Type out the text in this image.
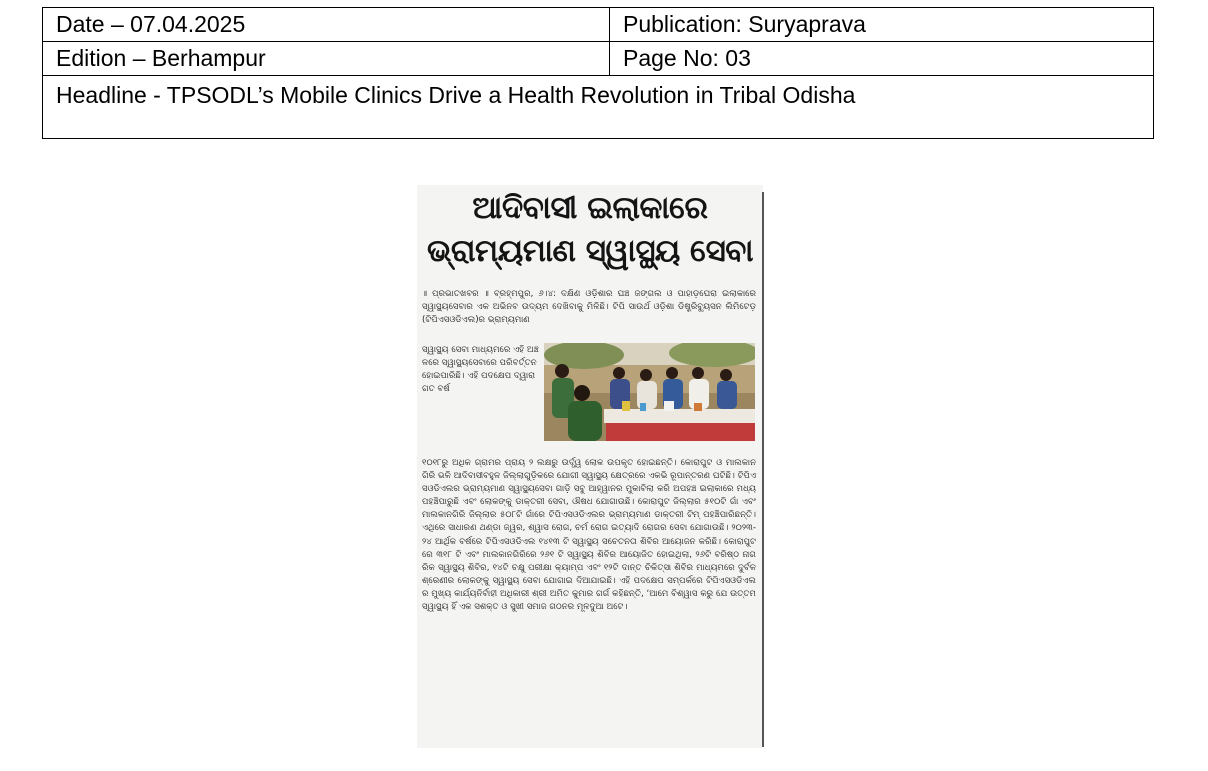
Date – 07.04.2025	Publication: Suryaprava
Edition – Berhampur	Page No: 03
Headline - TPSODL’s Mobile Clinics Drive a Health Revolution in Tribal Odisha	
ଆଦିବାସୀ ଇଲାକାରେ
ଭ୍ରାମ୍ୟମାଣ ସ୍ୱାସ୍ଥ୍ୟ ସେବା
॥ ପ୍ରଭାତଖବର ॥ ବ୍ରହ୍ମପୁର, ୬।୪: ଦକ୍ଷିଣ ଓଡ଼ିଶାର ଘଞ୍ଚ ଜଙ୍ଗଲ ଓ ପାହାଡ଼ଘେରା ଇଲାକାରେ ସ୍ୱାସ୍ଥ୍ୟସେବାର ଏକ ଅଭିନବ ଉଦ୍ୟମ ଦେଖିବାକୁ ମିଳିଛି। ଟିପି ସାଉର୍ଥ ଓଡ଼ିଶା ଡିଷ୍ଟ୍ରିବ୍ୟୁସନ ଲିମିଟେଡ଼ (ଟିପିଏସଓଡିଏଲ)ର ଭ୍ରାମ୍ୟମାଣ
ସ୍ୱାସ୍ଥ୍ୟ ସେବା ମାଧ୍ୟମରେ ଏହି ଅଞ୍ଚଳରେ ସ୍ୱାସ୍ଥ୍ୟସେବାରେ ପରିବର୍ତ୍ତନ ହୋଇପାରିଛି। ଏହି ପଦକ୍ଷେପ ଦ୍ୱାରା ଗତ ବର୍ଷ
୧୦୧୮ରୁ ଅଧିକ ଗ୍ରାମର ପ୍ରାୟ ୨ ଲକ୍ଷରୁ ଉର୍ଦ୍ଧ୍ୱ ଲୋକ ଉପକୃତ ହୋଇଛନ୍ତି। କୋରାପୁଟ ଓ ମାଲକାନଗିରି ଭଳି ଆଦିବାସୀବହୁଳ ଜିଲ୍ଲାଗୁଡ଼ିକରେ ଯୋଗୀ ସ୍ୱାସ୍ଥ୍ୟ କ୍ଷେତ୍ରରେ ଏକଭି ରୂପାନ୍ତରଣ ଘଟିଛି। ଟିପିଏସଓଡିଏଲର ଭ୍ରାମ୍ୟମାଣ ସ୍ୱାସ୍ଥ୍ୟସେବା ଗାଡ଼ି ସବୁ ଆହ୍ୱାନର ମୁକାବିଲା କରି ଅପହଞ୍ଚ ଇଲାକାରେ ମଧ୍ୟ ପହଞ୍ଚିପାରୁଛି ଏବଂ ଲୋକଙ୍କୁ ଡାକ୍ତରୀ ସେବା, ଔଷଧ ଯୋଗାଉଛି। କୋରାପୁଟ ଜିଲ୍ଲାର ୫୧୦ଟି ଗାଁ ଏବଂ ମାଲକାନଗିରି ଜିଲ୍ଲାର ୫୦୮ଟି ଗାଁରେ ଟିପିଏସଓଡିଏଲର ଭ୍ରାମ୍ୟମାଣ ଡାକ୍ତରୀ ଟିମ୍ ପହଞ୍ଚିପାରିଛନ୍ତି। ଏଥିରେ ସାଧାରଣ ଥଣ୍ଡା ଜ୍ୱର, ଶ୍ୱାସ ରୋଗ, ଚର୍ମ ରୋଗ ଇତ୍ୟାଦି ରୋଗର ସେବା ଯୋଗାଉଛି। ୨୦୨୩-୨୪ ଆର୍ଥିକ ବର୍ଷରେ ଟିପିଏସଓଡିଏଲ ୧୪୧୩ ଟି ସ୍ୱାସ୍ଥ୍ୟ ସଚେତନତା ଶିବିର ଆୟୋଜନ କରିଛି। କୋରାପୁଟରେ ୩୧୮ ଟି ଏବଂ ମାଲକାନଗିରିରେ ୨୬୧ ଟି ସ୍ୱାସ୍ଥ୍ୟ ଶିବିର ଆୟୋଜିତ ହୋଇଥିଲା, ୨୬ଟି ବରିଷ୍ଠ ନାଗରିକ ସ୍ୱାସ୍ଥ୍ୟ ଶିବିର, ୧୪ଟି ଚକ୍ଷୁ ପରୀକ୍ଷା କ୍ୟାମ୍ପ ଏବଂ ୧୨ଟି ଦାନ୍ତ ଚିକିତ୍ସା ଶିବିର ମାଧ୍ୟମରେ ଦୁର୍ବଳ ଶ୍ରେଣୀର ଲୋକଙ୍କୁ ସ୍ୱାସ୍ଥ୍ୟ ସେବା ଯୋଗାଇ ଦିଆଯାଇଛି। ଏହି ପଦକ୍ଷେପ ସମ୍ପର୍କରେ ଟିପିଏସଓଡିଏଲର ମୁଖ୍ୟ କାର୍ଯ୍ୟନିର୍ବାହୀ ଅଧିକାରୀ ଶ୍ରୀ ଅମିତ କୁମାର ଗର୍ଗ କହିଛନ୍ତି, ‘ଆମେ ବିଶ୍ୱାସ କରୁ ଯେ ଉତ୍ତମ ସ୍ୱାସ୍ଥ୍ୟ ହିଁ ଏକ ସଶକ୍ତ ଓ ସୁଖୀ ସମାଜ ଗଠନର ମୂଳଦୁଆ ଅଟେ।
